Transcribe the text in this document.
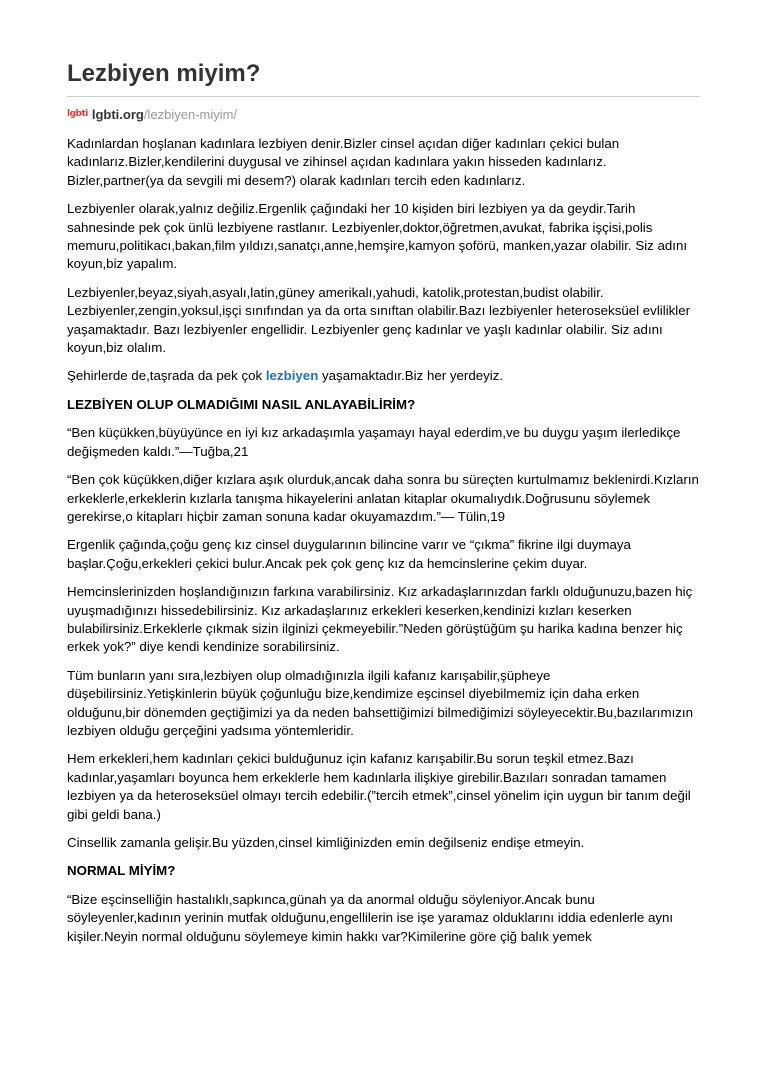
Lezbiyen miyim?
lgbti lgbti.org /lezbiyen-miyim/

Kadınlardan hoşlanan kadınlara lezbiyen denir.Bizler cinsel açıdan diğer kadınları çekici bulan kadınlarız.Bizler,kendilerini duygusal ve zihinsel açıdan kadınlara yakın hisseden kadınlarız. Bizler,partner(ya da sevgili mi desem?) olarak kadınları tercih eden kadınlarız.

Lezbiyenler olarak,yalnız değiliz.Ergenlik çağındaki her 10 kişiden biri lezbiyen ya da geydir.Tarih sahnesinde pek çok ünlü lezbiyene rastlanır. Lezbiyenler,doktor,öğretmen,avukat, fabrika işçisi,polis memuru,politikacı,bakan,film yıldızı,sanatçı,anne,hemşire,kamyon şoförü, manken,yazar olabilir. Siz adını koyun,biz yapalım.

Lezbiyenler,beyaz,siyah,asyalı,latin,güney amerikalı,yahudi, katolik,protestan,budist olabilir. Lezbiyenler,zengin,yoksul,işçi sınıfından ya da orta sınıftan olabilir.Bazı lezbiyenler heteroseksüel evlilikler yaşamaktadır. Bazı lezbiyenler engellidir. Lezbiyenler genç kadınlar ve yaşlı kadınlar olabilir. Siz adını koyun,biz olalım.

Şehirlerde de,taşrada da pek çok lezbiyen yaşamaktadır.Biz her yerdeyiz.

LEZBİYEN OLUP OLMADIĞIMI NASIL ANLAYABİLİRİM?

“Ben küçükken,büyüyünce en iyi kız arkadaşımla yaşamayı hayal ederdim,ve bu duygu yaşım ilerledikçe değişmeden kaldı.”—Tuğba,21

“Ben çok küçükken,diğer kızlara aşık olurduk,ancak daha sonra bu süreçten kurtulmamız beklenirdi.Kızların erkeklerle,erkeklerin kızlarla tanışma hikayelerini anlatan kitaplar okumalıydık.Doğrusunu söylemek gerekirse,o kitapları hiçbir zaman sonuna kadar okuyamazdım.”— Tülin,19

Ergenlik çağında,çoğu genç kız cinsel duygularının bilincine varır ve “çıkma” fikrine ilgi duymaya başlar.Çoğu,erkekleri çekici bulur.Ancak pek çok genç kız da hemcinslerine çekim duyar.

Hemcinslerinizden hoşlandığınızın farkına varabilirsiniz. Kız arkadaşlarınızdan farklı olduğunuzu,bazen hiç uyuşmadığınızı hissedebilirsiniz. Kız arkadaşlarınız erkekleri keserken,kendinizi kızları keserken bulabilirsiniz.Erkeklerle çıkmak sizin ilginizi çekmeyebilir.”Neden görüştüğüm şu harika kadına benzer hiç erkek yok?” diye kendi kendinize sorabilirsiniz.

Tüm bunların yanı sıra,lezbiyen olup olmadığınızla ilgili kafanız karışabilir,şüpheye düşebilirsiniz.Yetişkinlerin büyük çoğunluğu bize,kendimize eşcinsel diyebilmemiz için daha erken olduğunu,bir dönemden geçtiğimizi ya da neden bahsettiğimizi bilmediğimizi söyleyecektir.Bu,bazılarımızın lezbiyen olduğu gerçeğini yadsıma yöntemleridir.

Hem erkekleri,hem kadınları çekici bulduğunuz için kafanız karışabilir.Bu sorun teşkil etmez.Bazı kadınlar,yaşamları boyunca hem erkeklerle hem kadınlarla ilişkiye girebilir.Bazıları sonradan tamamen lezbiyen ya da heteroseksüel olmayı tercih edebilir.(”tercih etmek”,cinsel yönelim için uygun bir tanım değil gibi geldi bana.)

Cinsellik zamanla gelişir.Bu yüzden,cinsel kimliğinizden emin değilseniz endişe etmeyin.

NORMAL MİYİM?

“Bize eşcinselliğin hastalıklı,sapkınca,günah ya da anormal olduğu söyleniyor.Ancak bunu söyleyenler,kadının yerinin mutfak olduğunu,engellilerin ise işe yaramaz olduklarını iddia edenlerle aynı kişiler.Neyin normal olduğunu söylemeye kimin hakkı var?Kimilerine göre çiğ balık yemek
